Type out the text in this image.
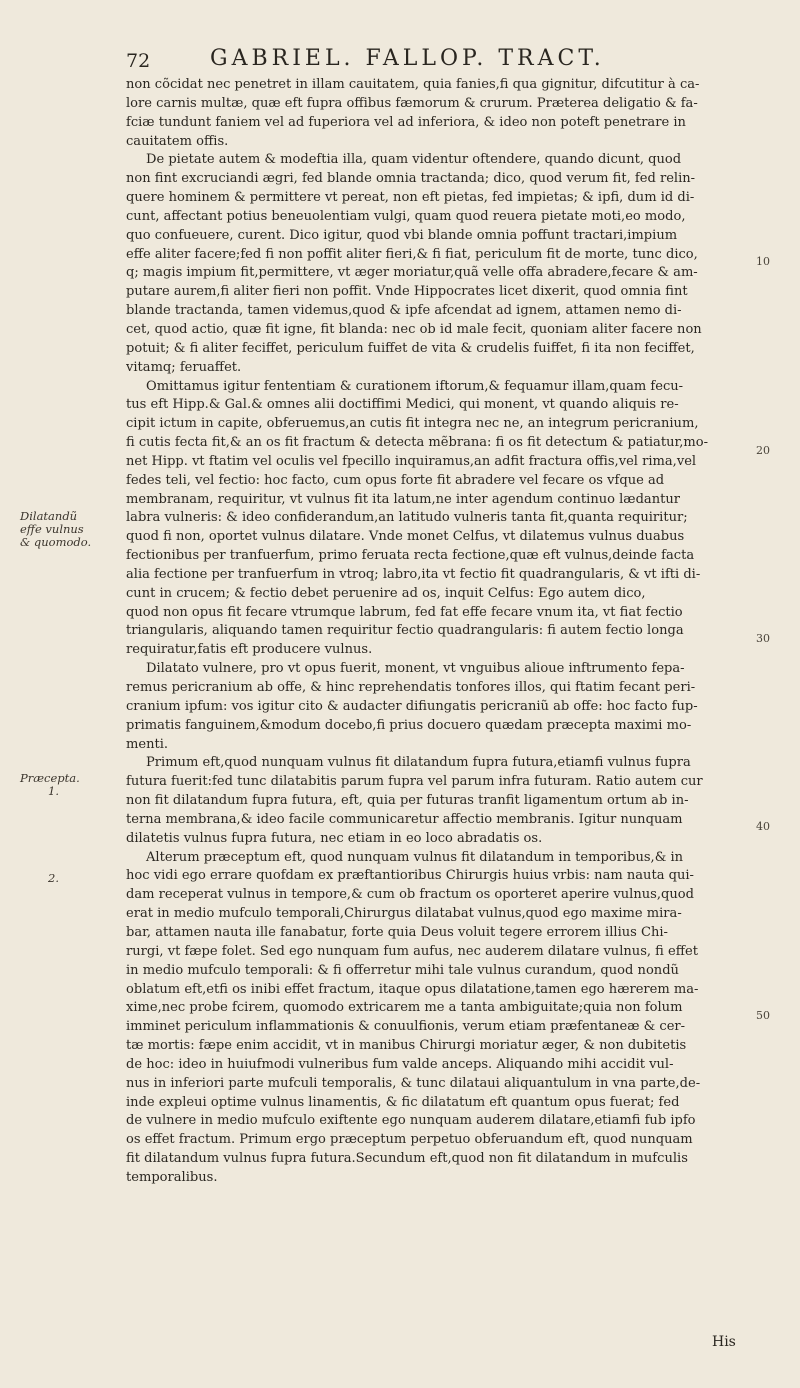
72	GABRIEL. FALLOP. TRACT.
non cõcidat nec penetret in illam cauitatem, quia fanies,fi qua gignitur, difcutitur à ca-
lore carnis multæ, quæ eft fupra offibus fæmorum & crurum. Prӕterea deligatio & fa-
fciæ tundunt faniem vel ad fuperiora vel ad inferiora, & ideo non poteft penetrare in
cauitatem offis.
De pietate autem & modeftia illa, quam videntur oftendere, quando dicunt, quod
non fint excruciandi ægri, fed blande omnia tractanda; dico, quod verum fit, fed relin-
quere hominem & permittere vt pereat, non eft pietas, fed impietas; & ipfi, dum id di-
cunt, affectant potius beneuolentiam vulgi, quam quod reuera pietate moti,eo modo,
quo confueuere, curent. Dico igitur, quod vbi blande omnia poffunt tractari,impium
effe aliter facere;fed fi non poffit aliter fieri,& fi fiat, periculum fit de morte, tunc dico,
q; magis impium fit,permittere, vt ӕger moriatur,quã velle offa abradere,fecare & am-
putare aurem,fi aliter fieri non poffit. Vnde Hippocrates licet dixerit, quod omnia fint
blande tractanda, tamen videmus,quod & ipfe afcendat ad ignem, attamen nemo di-
cet, quod actio, quӕ fit igne, fit blanda: nec ob id male fecit, quoniam aliter facere non
potuit; & fi aliter feciffet, periculum fuiffet de vita & crudelis fuiffet, fi ita non feciffet,
vitamq; feruaffet.
Omittamus igitur fententiam & curationem iftorum,& fequamur illam,quam fecu-
tus eft Hipp.& Gal.& omnes alii doctiffimi Medici, qui monent, vt quando aliquis re-
cipit ictum in capite, obferuemus,an cutis fit integra nec ne, an integrum pericranium,
fi cutis fecta fit,& an os fit fractum & detecta mẽbrana: fi os fit detectum & patiatur,mo-
net Hipp. vt ftatim vel oculis vel fpecillo inquiramus,an adfit fractura offis,vel rima,vel
fedes teli, vel fectio: hoc facto, cum opus forte fit abradere vel fecare os vfque ad
membranam, requiritur, vt vulnus fit ita latum,ne inter agendum continuo lædantur
labra vulneris: & ideo confiderandum,an latitudo vulneris tanta fit,quanta requiritur;
quod fi non, oportet vulnus dilatare. Vnde monet Celfus, vt dilatemus vulnus duabus
fectionibus per tranfuerfum, primo feruata recta fectione,quӕ eft vulnus,deinde facta
alia fectione per tranfuerfum in vtroq; labro,ita vt fectio fit quadrangularis, & vt ifti di-
cunt in crucem; & fectio debet peruenire ad os, inquit Celfus: Ego autem dico,
quod non opus fit fecare vtrumque labrum, fed fat effe fecare vnum ita, vt fiat fectio
triangularis, aliquando tamen requiritur fectio quadrangularis: fi autem fectio longa
requiratur,fatis eft producere vulnus.
Dilatato vulnere, pro vt opus fuerit, monent, vt vnguibus alioue inftrumento fepa-
remus pericranium ab offe, & hinc reprehendatis tonfores illos, qui ftatim fecant peri-
cranium ipfum: vos igitur cito & audacter difiungatis pericraniũ ab offe: hoc facto fup-
primatis fanguinem,&modum docebo,fi prius docuero quӕdam præcepta maximi mo-
menti.
Primum eft,quod nunquam vulnus fit dilatandum fupra futura,etiamfi vulnus fupra
futura fuerit:fed tunc dilatabitis parum fupra vel parum infra futuram. Ratio autem cur
non fit dilatandum fupra futura, eft, quia per futuras tranfit ligamentum ortum ab in-
terna membrana,& ideo facile communicaretur affectio membranis. Igitur nunquam
dilatetis vulnus fupra futura, nec etiam in eo loco abradatis os.
Alterum præceptum eft, quod nunquam vulnus fit dilatandum in temporibus,& in
hoc vidi ego errare quofdam ex præftantioribus Chirurgis huius vrbis: nam nauta qui-
dam receperat vulnus in tempore,& cum ob fractum os oporteret aperire vulnus,quod
erat in medio mufculo temporali,Chirurgus dilatabat vulnus,quod ego maxime mira-
bar, attamen nauta ille fanabatur, forte quia Deus voluit tegere errorem illius Chi-
rurgi, vt fæpe folet. Sed ego nunquam fum aufus, nec auderem dilatare vulnus, fi effet
in medio mufculo temporali: & fi offerretur mihi tale vulnus curandum, quod nondũ
oblatum eft,etfi os inibi effet fractum, itaque opus dilatatione,tamen ego hærerem ma-
xime,nec probe fcirem, quomodo extricarem me a tanta ambiguitate;quia non folum
imminet periculum inflammationis & conuulfionis, verum etiam prӕfentaneӕ & cer-
tæ mortis: fæpe enim accidit, vt in manibus Chirurgi moriatur æger, & non dubitetis
de hoc: ideo in huiufmodi vulneribus fum valde anceps. Aliquando mihi accidit vul-
nus in inferiori parte mufculi temporalis, & tunc dilataui aliquantulum in vna parte,de-
inde expleui optime vulnus linamentis, & fic dilatatum eft quantum opus fuerat; fed
de vulnere in medio mufculo exiftente ego nunquam auderem dilatare,etiamfi fub ipfo
os effet fractum. Primum ergo prӕceptum perpetuo obferuandum eft, quod nunquam
fit dilatandum vulnus fupra futura.Secundum eft,quod non fit dilatandum in mufculis
temporalibus.
Dilatandũ
effe vulnus
& quomodo.
Præcepta.
1.
2.
10
20
30
40
50
His
